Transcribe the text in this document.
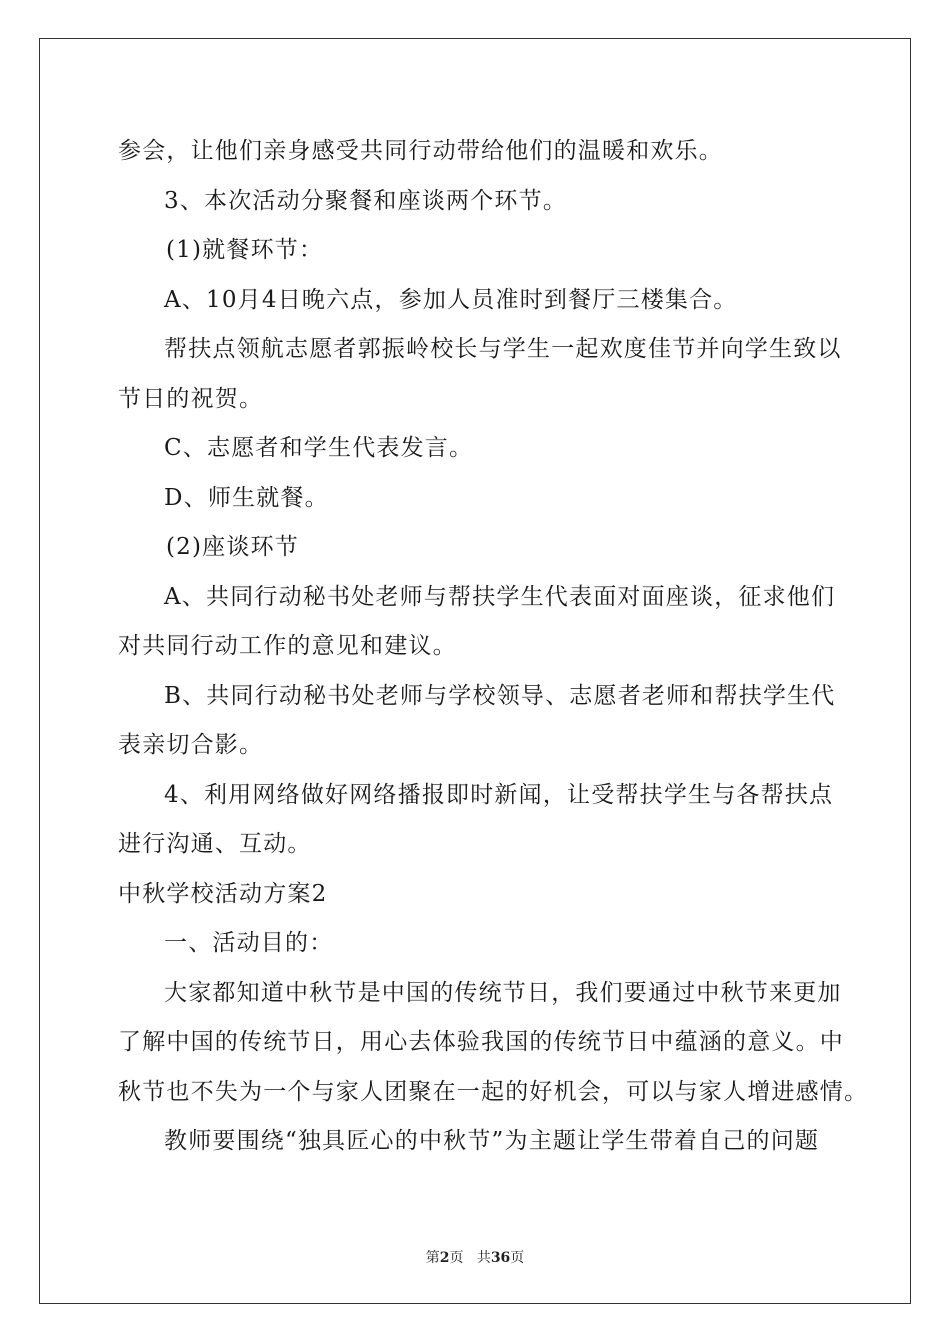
参会，让他们亲身感受共同行动带给他们的温暖和欢乐。
3、本次活动分聚餐和座谈两个环节。
(1)就餐环节：
A、10月4日晚六点，参加人员准时到餐厅三楼集合。
帮扶点领航志愿者郭振岭校长与学生一起欢度佳节并向学生致以
节日的祝贺。
C、志愿者和学生代表发言。
D、师生就餐。
(2)座谈环节
A、共同行动秘书处老师与帮扶学生代表面对面座谈，征求他们
对共同行动工作的意见和建议。
B、共同行动秘书处老师与学校领导、志愿者老师和帮扶学生代
表亲切合影。
4、利用网络做好网络播报即时新闻，让受帮扶学生与各帮扶点
进行沟通、互动。
中秋学校活动方案2
一、活动目的：
大家都知道中秋节是中国的传统节日，我们要通过中秋节来更加
了解中国的传统节日，用心去体验我国的传统节日中蕴涵的意义。中
秋节也不失为一个与家人团聚在一起的好机会，可以与家人增进感情。
教师要围绕“独具匠心的中秋节”为主题让学生带着自己的问题
第2页 共36页
